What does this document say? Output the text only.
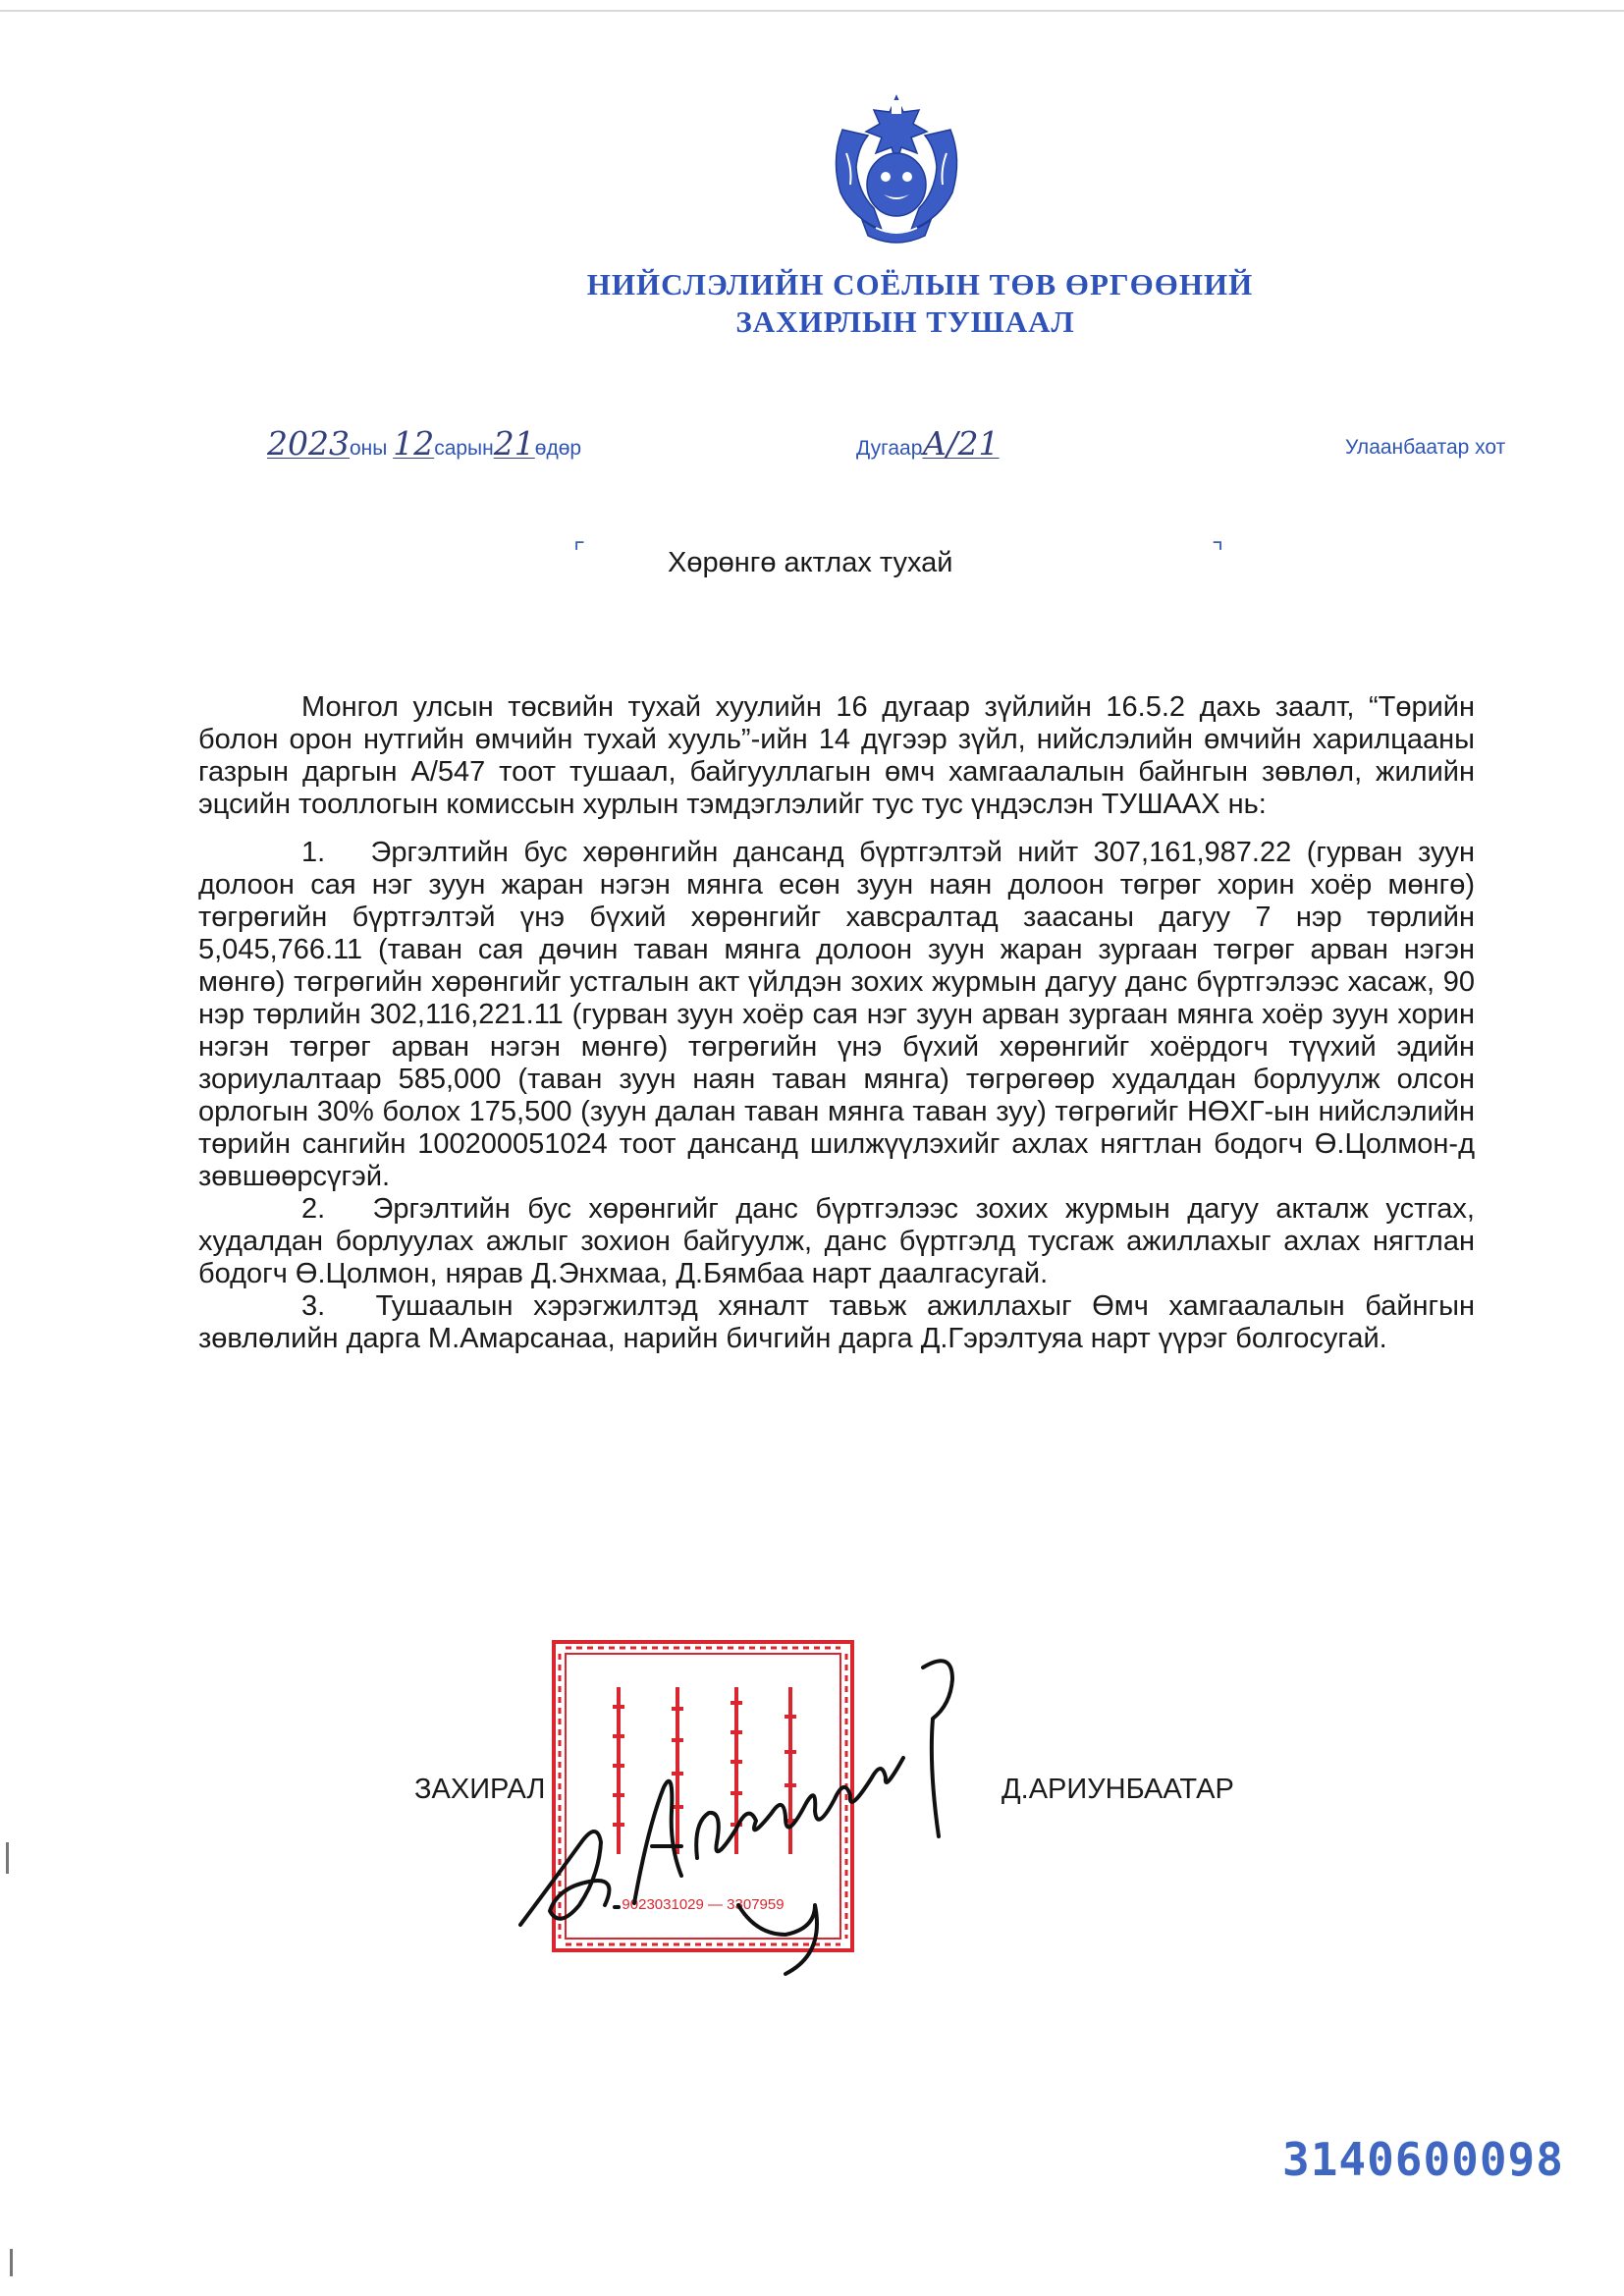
НИЙСЛЭЛИЙН СОЁЛЫН ТӨВ ӨРГӨӨНИЙ
ЗАХИРЛЫН ТУШААЛ
2023оны 12сарын21өдөр	ДугаарА/21	Улаанбаатар хот
⌜	⌝
Хөрөнгө актлах тухай

Монгол улсын төсвийн тухай хуулийн 16 дугаар зүйлийн 16.5.2 дахь заалт, “Төрийн болон орон нутгийн өмчийн тухай хууль”-ийн 14 дүгээр зүйл, нийслэлийн өмчийн харилцааны газрын даргын А/547 тоот тушаал, байгууллагын өмч хамгаалалын байнгын зөвлөл, жилийн эцсийн тооллогын комиссын хурлын тэмдэглэлийг тус тус үндэслэн ТУШААХ нь:

1. Эргэлтийн бус хөрөнгийн дансанд бүртгэлтэй нийт 307,161,987.22 (гурван зуун долоон сая нэг зуун жаран нэгэн мянга есөн зуун наян долоон төгрөг хорин хоёр мөнгө) төгрөгийн бүртгэлтэй үнэ бүхий хөрөнгийг хавсралтад заасаны дагуу 7 нэр төрлийн 5,045,766.11 (таван сая дөчин таван мянга долоон зуун жаран зургаан төгрөг арван нэгэн мөнгө) төгрөгийн хөрөнгийг устгалын акт үйлдэн зохих журмын дагуу данс бүртгэлээс хасаж, 90 нэр төрлийн 302,116,221.11 (гурван зуун хоёр сая нэг зуун арван зургаан мянга хоёр зуун хорин нэгэн төгрөг арван нэгэн мөнгө) төгрөгийн үнэ бүхий хөрөнгийг хоёрдогч түүхий эдийн зориулалтаар 585,000 (таван зуун наян таван мянга) төгрөгөөр худалдан борлуулж олсон орлогын 30% болох 175,500 (зуун далан таван мянга таван зуу) төгрөгийг НӨХГ-ын нийслэлийн төрийн сангийн 100200051024 тоот дансанд шилжүүлэхийг ахлах нягтлан бодогч Ө.Цолмон-д зөвшөөрсүгэй.

2. Эргэлтийн бус хөрөнгийг данс бүртгэлээс зохих журмын дагуу акталж устгах, худалдан борлуулах ажлыг зохион байгуулж, данс бүртгэлд тусгаж ажиллахыг ахлах нягтлан бодогч Ө.Цолмон, нярав Д.Энхмаа, Д.Бямбаа нарт даалгасугай.

3. Тушаалын хэрэгжилтэд хяналт тавьж ажиллахыг Өмч хамгаалалын байнгын зөвлөлийн дарга М.Амарсанаа, нарийн бичгийн дарга Д.Гэрэлтуяа нарт үүрэг болгосугай.

9023031029 — 3307959
ЗАХИРАЛ	Д.АРИУНБААТАР
3140600098
